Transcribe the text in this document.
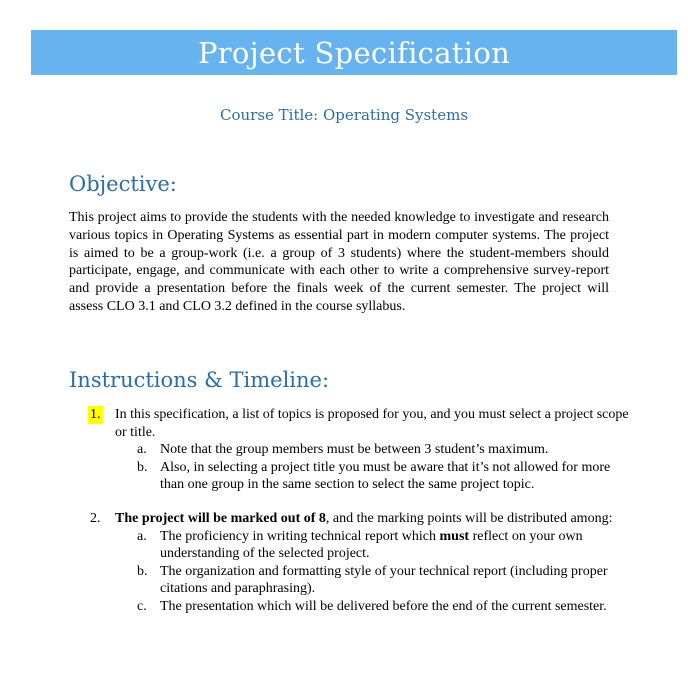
Project Specification
Course Title: Operating Systems
Objective:
This project aims to provide the students with the needed knowledge to investigate and research various topics in Operating Systems as essential part in modern computer systems. The project is aimed to be a group-work (i.e. a group of 3 students) where the student-members should participate, engage, and communicate with each other to write a comprehensive survey-report and provide a presentation before the finals week of the current semester. The project will assess CLO 3.1 and CLO 3.2 defined in the course syllabus.
Instructions & Timeline:
1. In this specification, a list of topics is proposed for you, and you must select a project scope or title.
a. Note that the group members must be between 3 student’s maximum.
b. Also, in selecting a project title you must be aware that it’s not allowed for more than one group in the same section to select the same project topic.
2. The project will be marked out of 8, and the marking points will be distributed among:
a. The proficiency in writing technical report which must reflect on your own understanding of the selected project.
b. The organization and formatting style of your technical report (including proper citations and paraphrasing).
c. The presentation which will be delivered before the end of the current semester.
